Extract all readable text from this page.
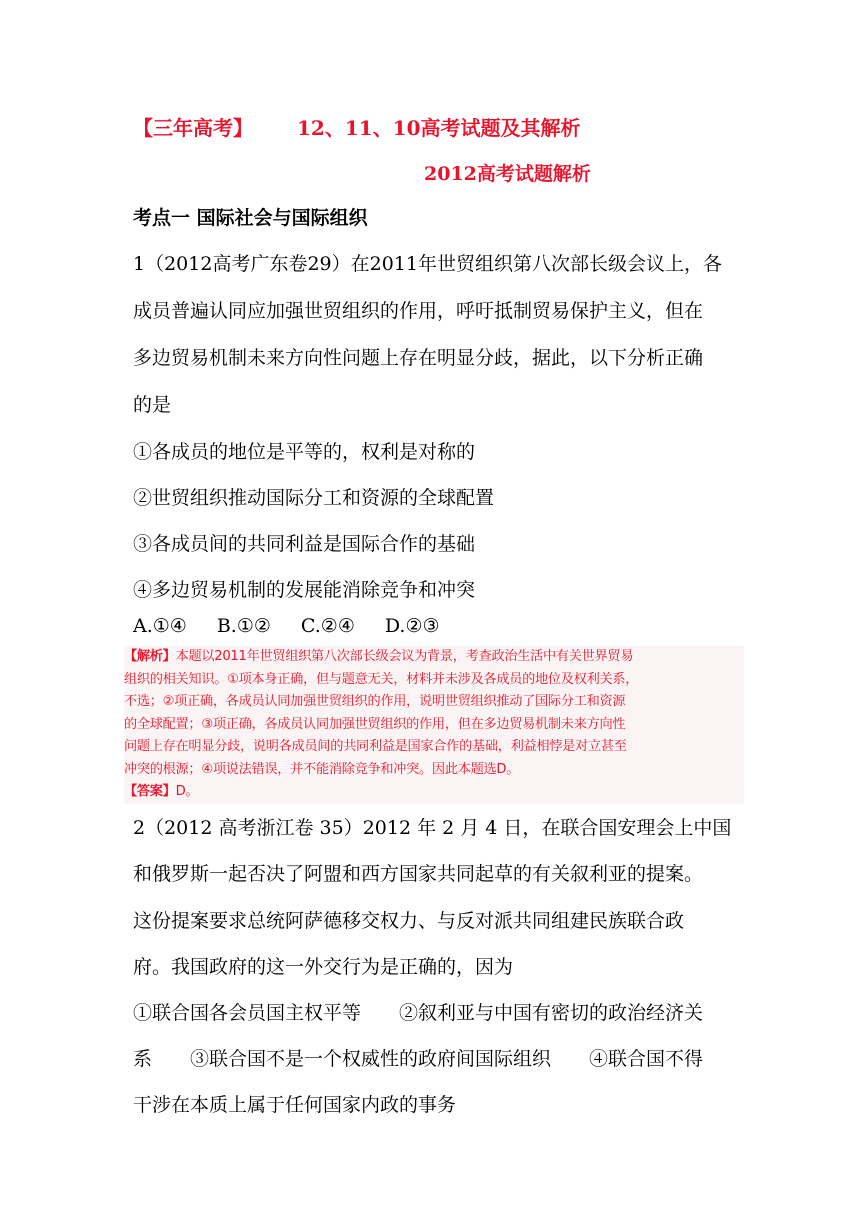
【三年高考】 12、11、10高考试题及其解析
2012高考试题解析
考点一 国际社会与国际组织
1（2012高考广东卷29）在2011年世贸组织第八次部长级会议上，各
成员普遍认同应加强世贸组织的作用，呼吁抵制贸易保护主义，但在
多边贸易机制未来方向性问题上存在明显分歧，据此，以下分析正确
的是
①各成员的地位是平等的，权利是对称的
②世贸组织推动国际分工和资源的全球配置
③各成员间的共同利益是国际合作的基础
④多边贸易机制的发展能消除竞争和冲突
A.①④ B.①② C.②④ D.②③
【解析】本题以2011年世贸组织第八次部长级会议为背景，考查政治生活中有关世界贸易
组织的相关知识。①项本身正确，但与题意无关，材料并未涉及各成员的地位及权利关系，
不选；②项正确，各成员认同加强世贸组织的作用，说明世贸组织推动了国际分工和资源
的全球配置；③项正确，各成员认同加强世贸组织的作用，但在多边贸易机制未来方向性
问题上存在明显分歧，说明各成员间的共同利益是国家合作的基础，利益相悖是对立甚至
冲突的根源；④项说法错误，并不能消除竞争和冲突。因此本题选D。
【答案】D。
2（2012 高考浙江卷 35）2012 年 2 月 4 日，在联合国安理会上中国
和俄罗斯一起否决了阿盟和西方国家共同起草的有关叙利亚的提案。
这份提案要求总统阿萨德移交权力、与反对派共同组建民族联合政
府。我国政府的这一外交行为是正确的，因为
①联合国各会员国主权平等　　②叙利亚与中国有密切的政治经济关
系　　③联合国不是一个权威性的政府间国际组织　　④联合国不得
干涉在本质上属于任何国家内政的事务
